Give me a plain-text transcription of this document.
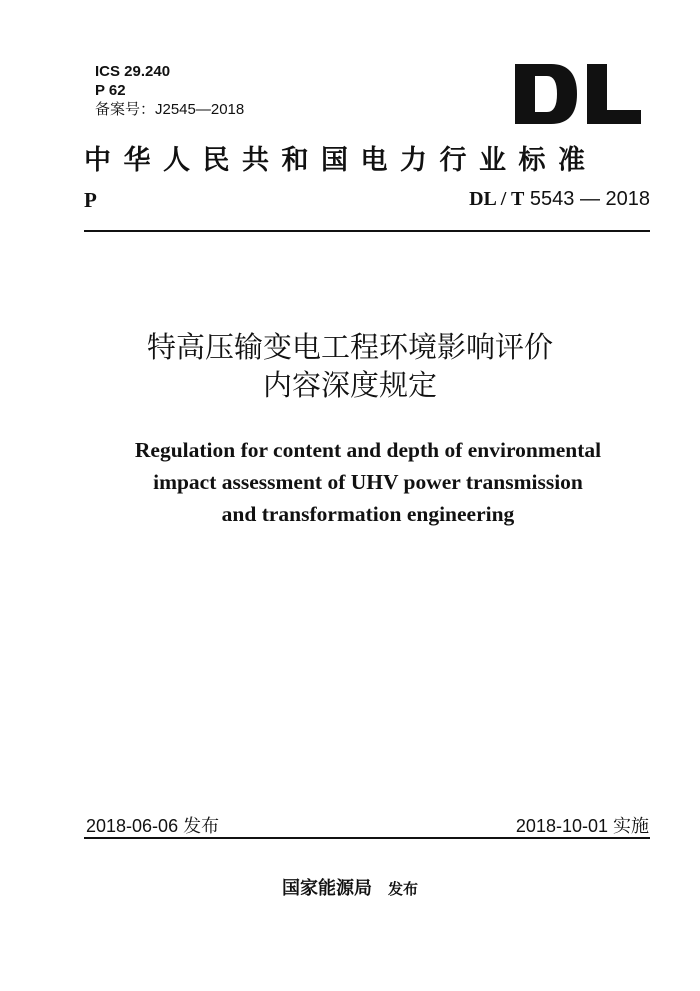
ICS 29.240
P 62
备案号：J2545—2018
中华人民共和国电力行业标准
P	DL / T 5543 — 2018
特高压输变电工程环境影响评价
内容深度规定
Regulation for content and depth of environmental
impact assessment of UHV power transmission
and transformation engineering
2018-06-06 发布	2018-10-01 实施
国家能源局 发布
